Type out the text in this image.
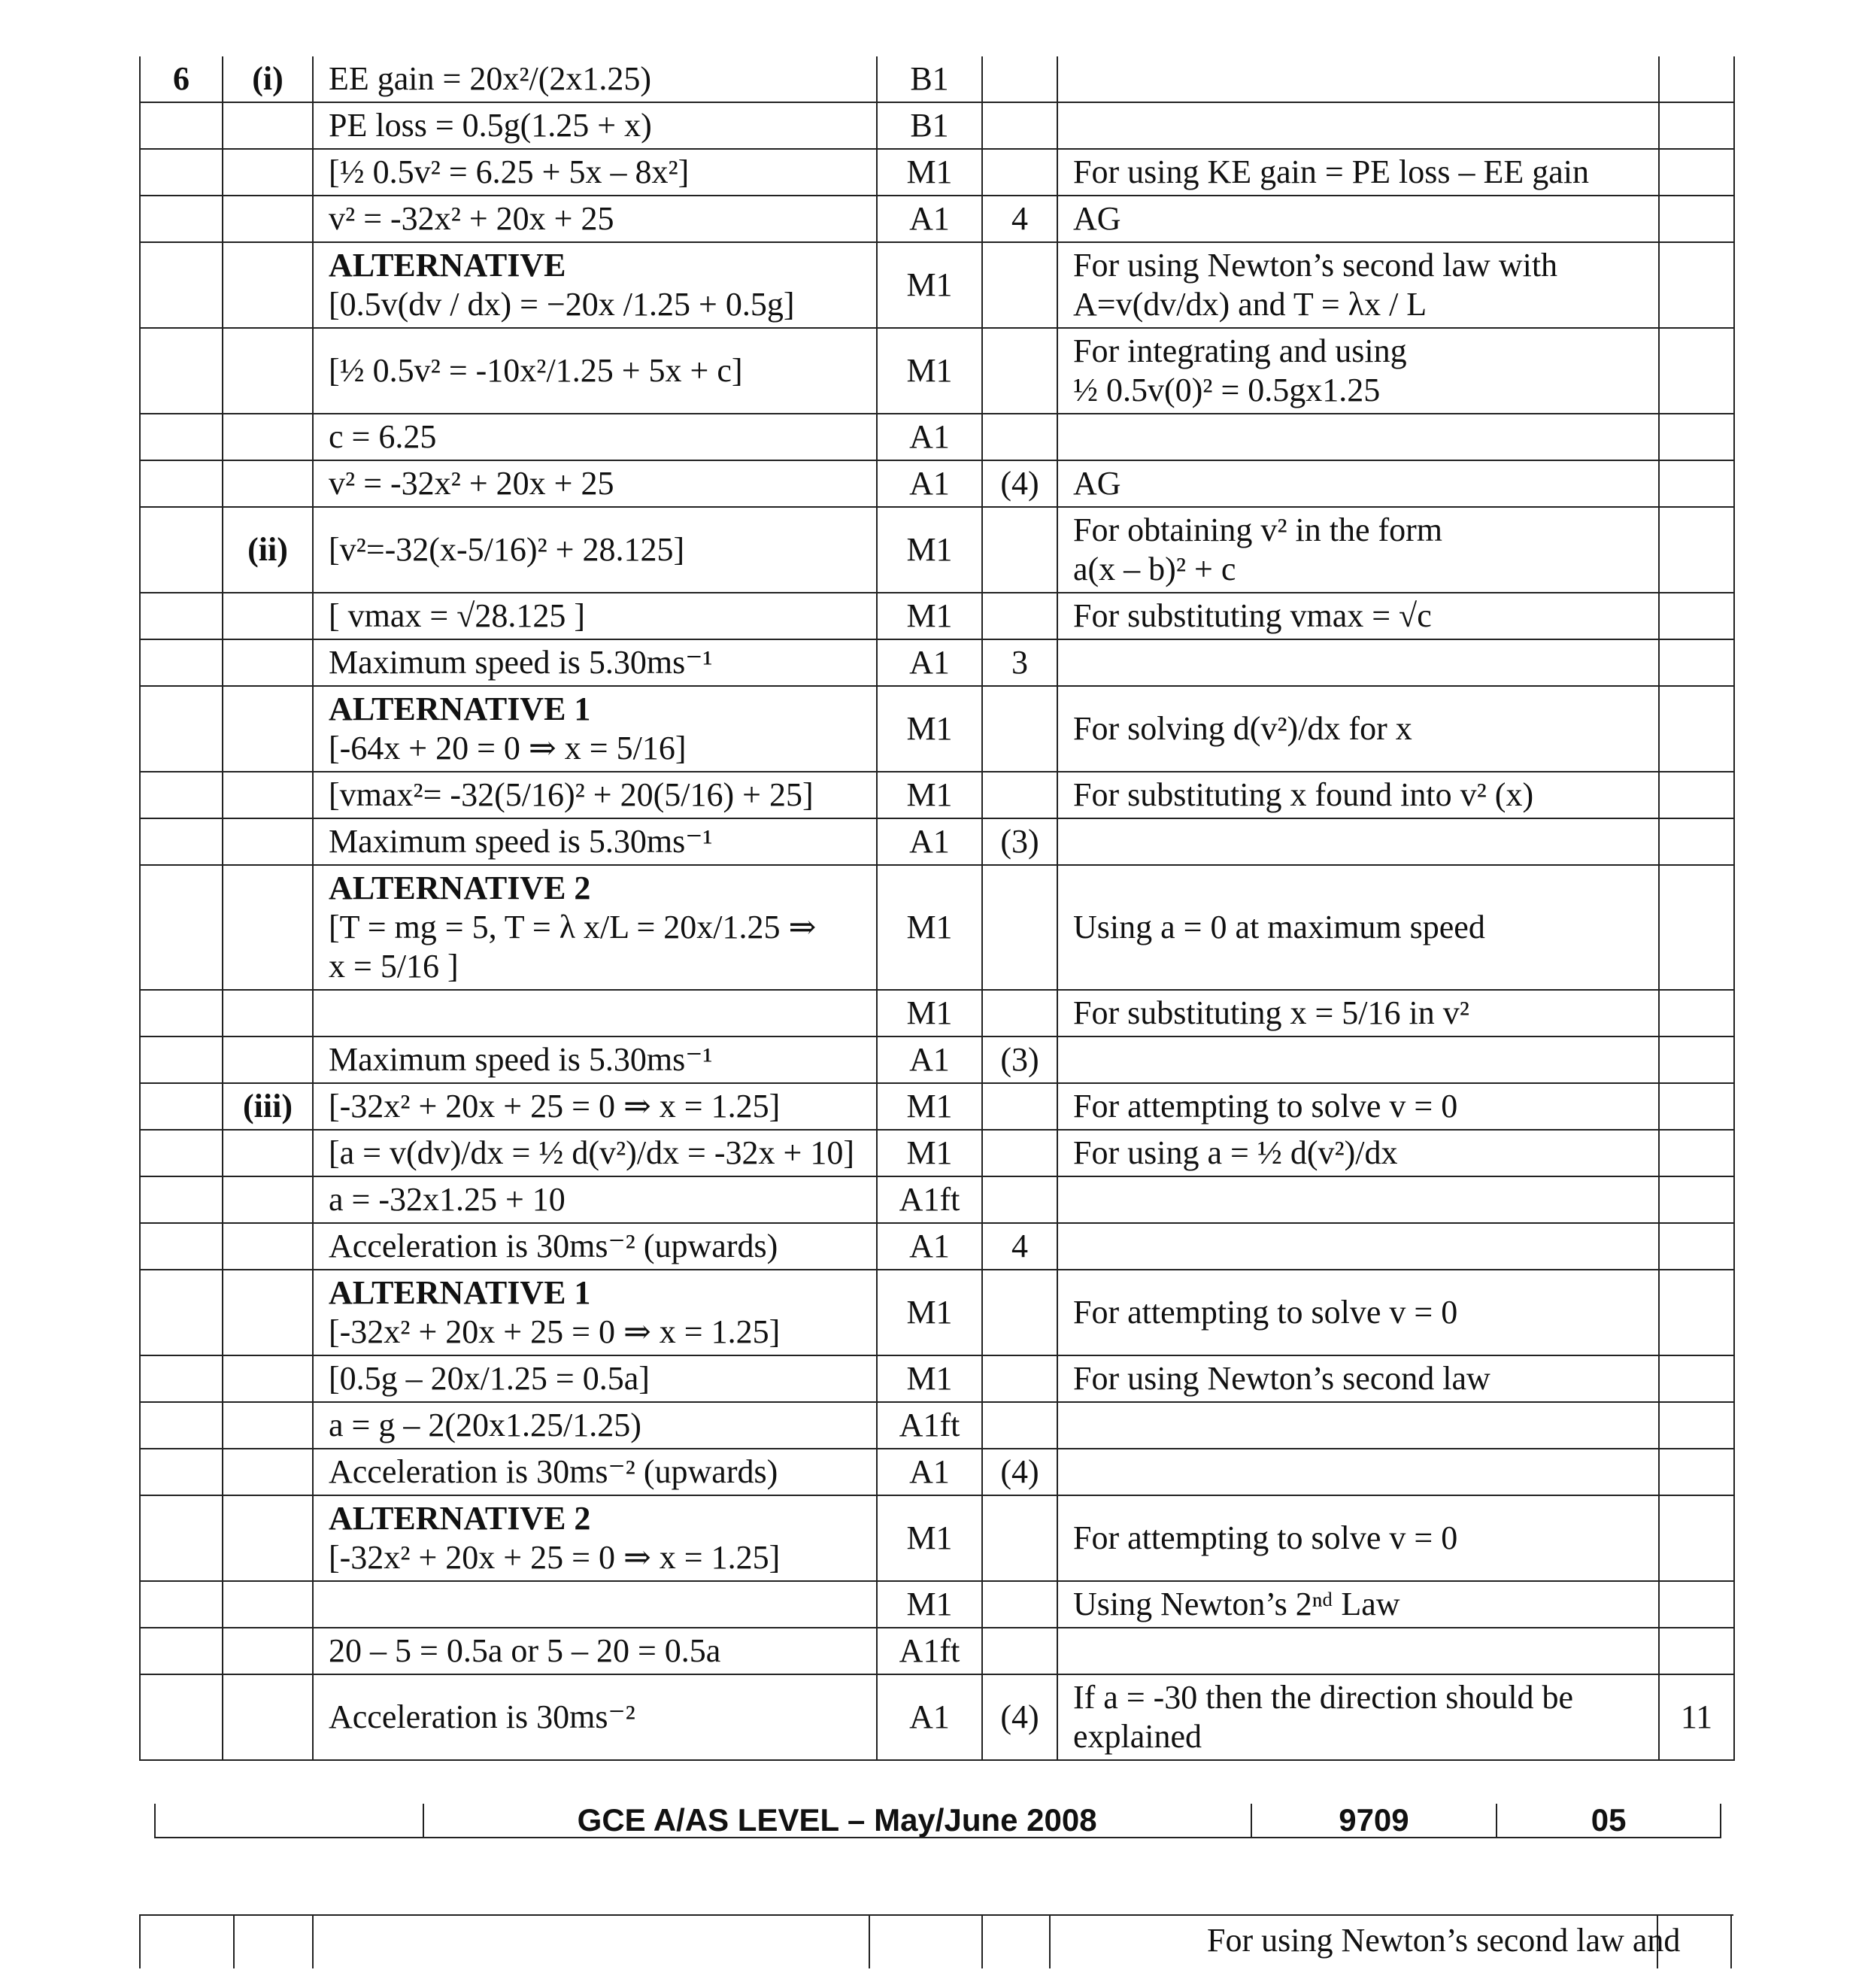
6	(i)	EE gain = 20x²/(2x1.25)	B1			

		PE loss = 0.5g(1.25 + x)	B1			

		[½ 0.5v² = 6.25 + 5x – 8x²]	M1		For using KE gain = PE loss – EE gain	

		v² = -32x² + 20x + 25	A1	4	AG	

		ALTERNATIVE
[0.5v(dv / dx) = −20x /1.25 + 0.5g]	M1		For using Newton’s second law with
A=v(dv/dx) and T = λx / L	

		[½ 0.5v² = -10x²/1.25 + 5x + c]	M1		For integrating and using
½ 0.5v(0)² = 0.5gx1.25	

		c = 6.25	A1			

		v² = -32x² + 20x + 25	A1	(4)	AG	

	(ii)	[v²=-32(x-5/16)² + 28.125]	M1		For obtaining v² in the form
a(x – b)² + c	

		[ vmax = √28.125 ]	M1		For substituting vmax = √c	

		Maximum speed is 5.30ms⁻¹	A1	3		

		ALTERNATIVE 1
[-64x + 20 = 0 ⇒ x = 5/16]	M1		For solving d(v²)/dx for x	

		[vmax²= -32(5/16)² + 20(5/16) + 25]	M1		For substituting x found into v² (x)	

		Maximum speed is 5.30ms⁻¹	A1	(3)		

		ALTERNATIVE 2
[T = mg = 5, T = λ x/L = 20x/1.25 ⇒
x = 5/16 ]	M1		Using a = 0 at maximum speed	

			M1		For substituting x = 5/16 in v²	

		Maximum speed is 5.30ms⁻¹	A1	(3)		
	(iii)	[-32x² + 20x + 25 = 0 ⇒ x = 1.25]	M1		For attempting to solve v = 0	

		[a = v(dv)/dx = ½ d(v²)/dx = -32x + 10]	M1		For using a = ½ d(v²)/dx	

		a = -32x1.25 + 10	A1ft			

		Acceleration is 30ms⁻² (upwards)	A1	4		

		ALTERNATIVE 1
[-32x² + 20x + 25 = 0 ⇒ x = 1.25]	M1		For attempting to solve v = 0	

		[0.5g – 20x/1.25 = 0.5a]	M1		For using Newton’s second law	

		a = g – 2(20x1.25/1.25)	A1ft			

		Acceleration is 30ms⁻² (upwards)	A1	(4)		

		ALTERNATIVE 2
[-32x² + 20x + 25 = 0 ⇒ x = 1.25]	M1		For attempting to solve v = 0	

			M1		Using Newton’s 2ⁿᵈ Law	

		20 – 5 = 0.5a or 5 – 20 = 0.5a	A1ft			

		Acceleration is 30ms⁻²	A1	(4)	If a = -30 then the direction should be
explained	11
GCE A/AS LEVEL – May/June 2008	9709	05
For using Newton’s second law and
